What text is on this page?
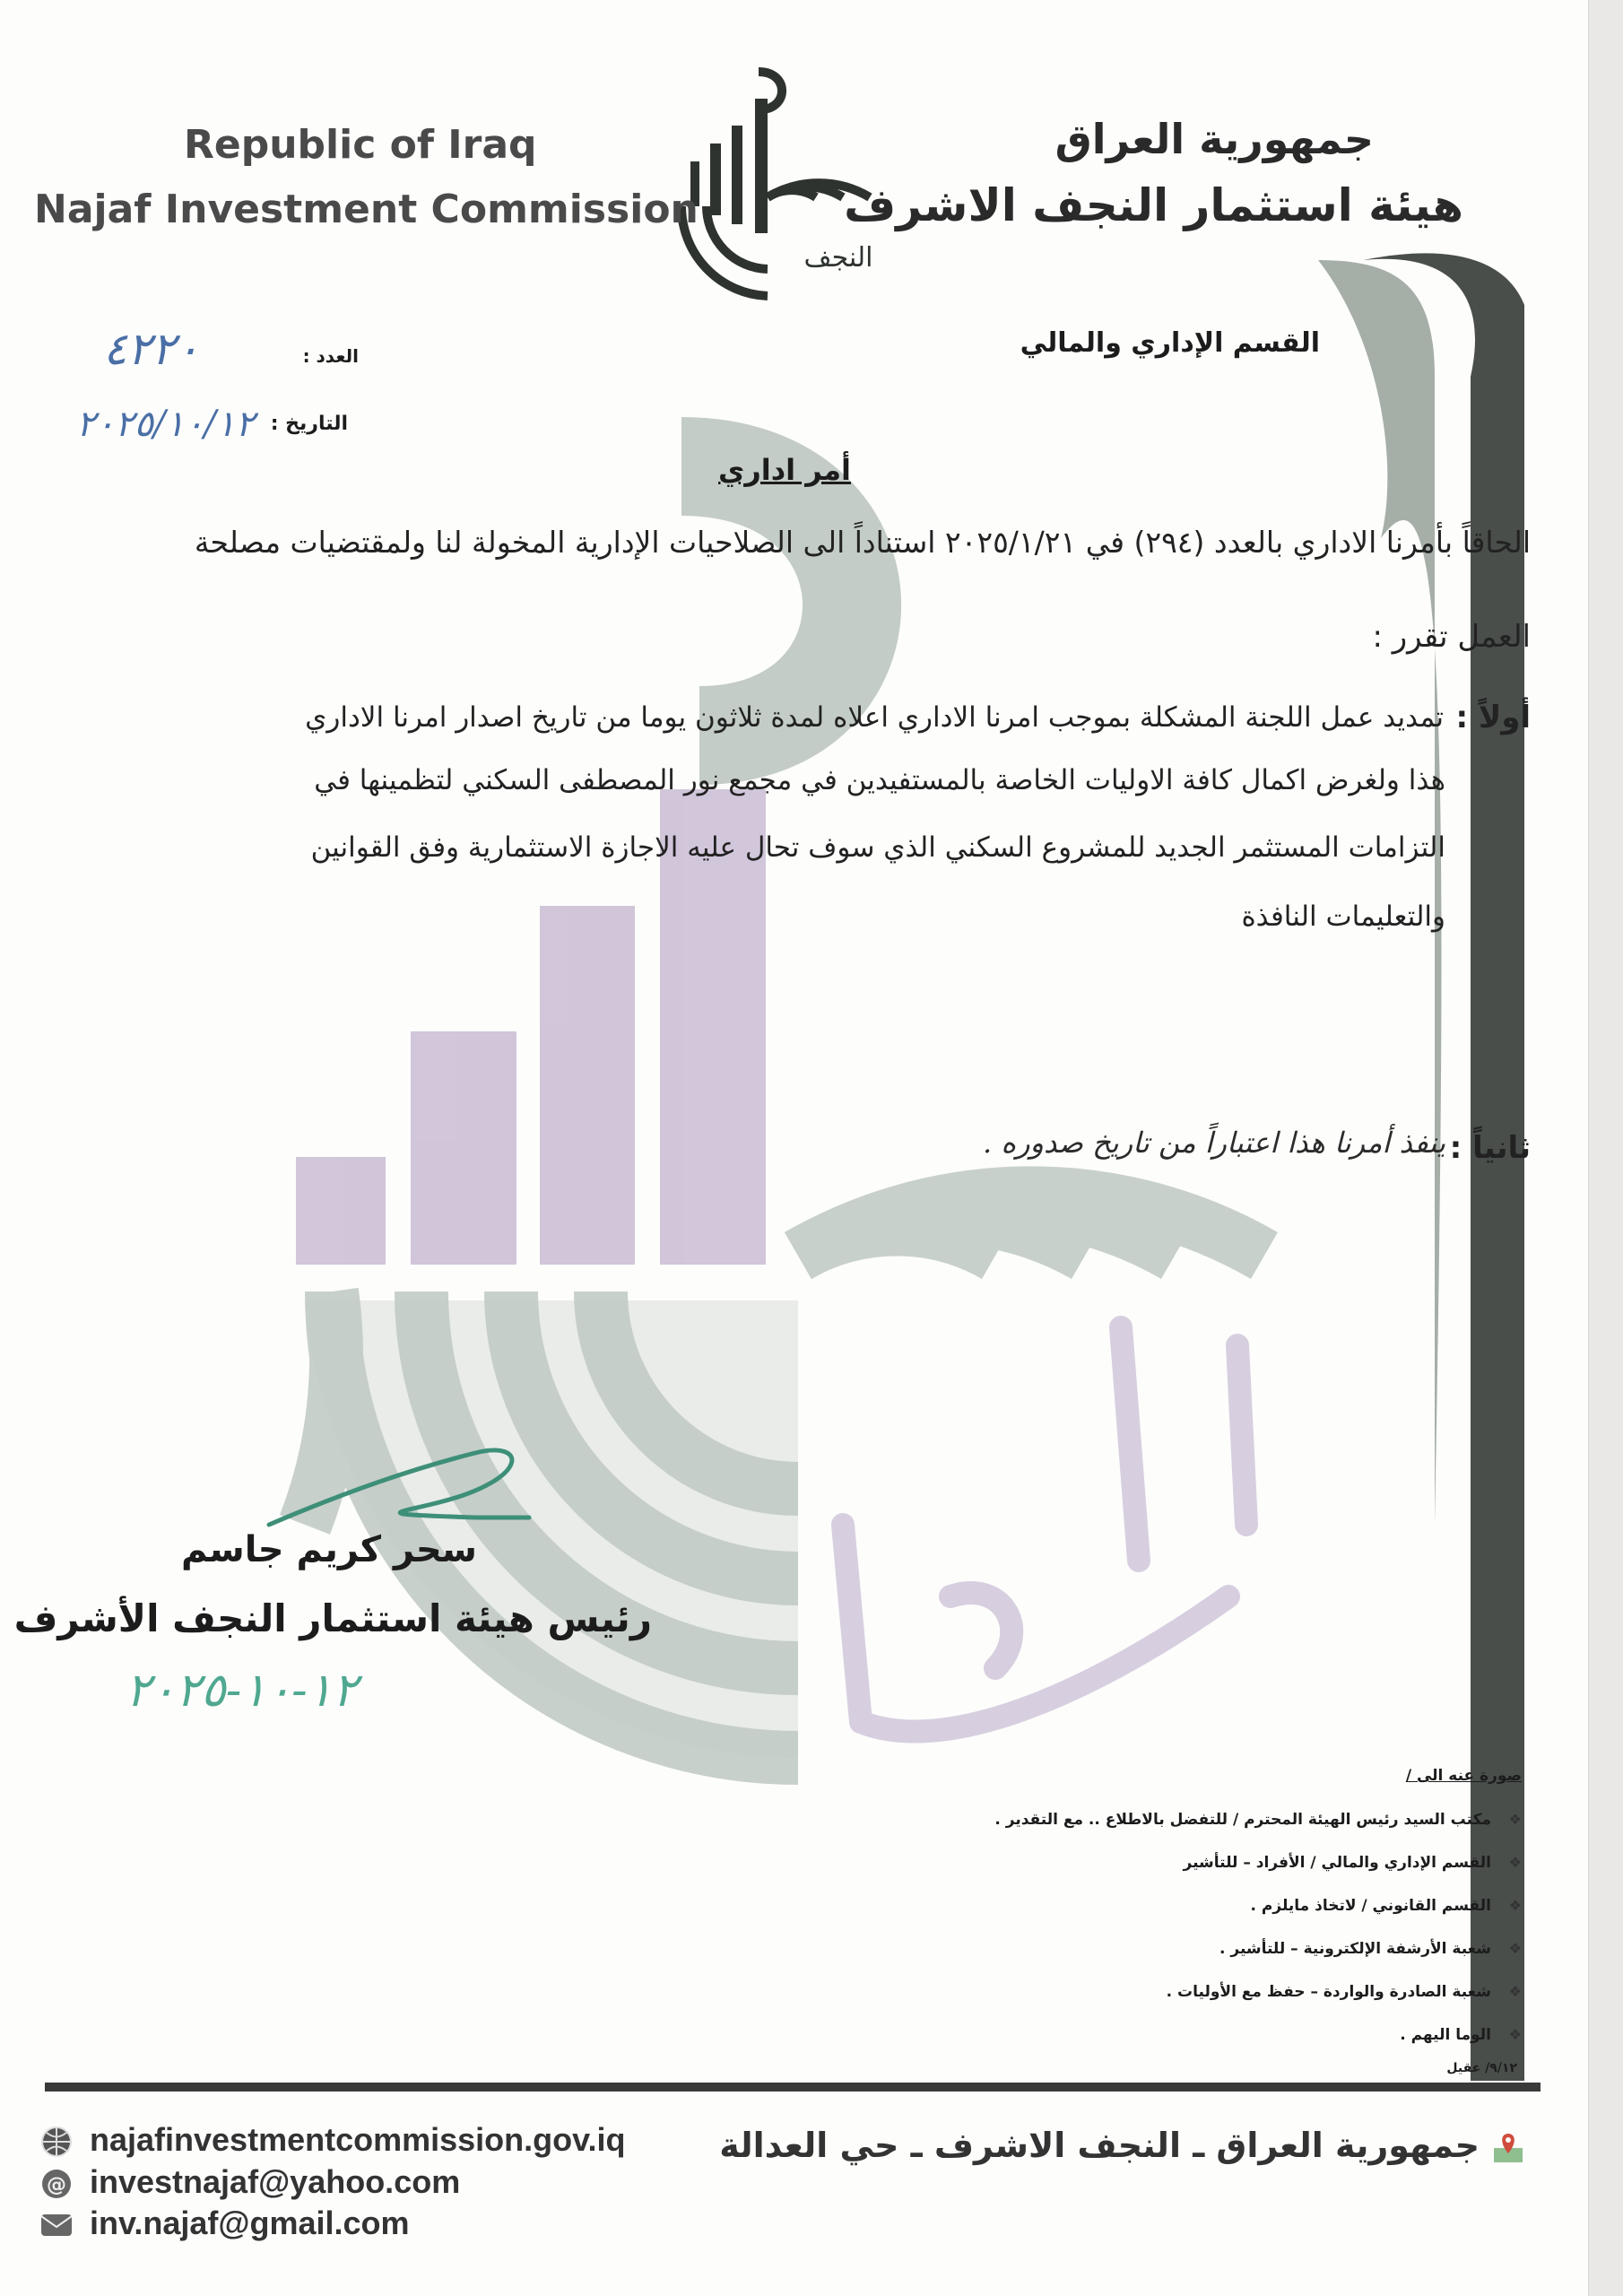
Republic of Iraq
Najaf Investment Commission
جمهورية العراق
هيئة استثمار النجف الاشرف
النجف
القسم الإداري والمالي
العدد :
٤٢٢٠
التاريخ :
٢٠٢٥/١٠/١٢
أمر اداري
الحاقاً بأمرنا الاداري بالعدد (٢٩٤) في ٢٠٢٥/١/٢١ استناداً الى الصلاحيات الإدارية المخولة لنا ولمقتضيات مصلحة
العمل تقرر :
أولاً :
تمديد عمل اللجنة المشكلة بموجب امرنا الاداري اعلاه لمدة ثلاثون يوما من تاريخ اصدار امرنا الاداري
هذا ولغرض اكمال كافة الاوليات الخاصة بالمستفيدين في مجمع نور المصطفى السكني لتظمينها في
التزامات المستثمر الجديد للمشروع السكني الذي سوف تحال عليه الاجازة الاستثمارية وفق القوانين
والتعليمات النافذة
ثانياً :
ينفذ أمرنا هذا اعتباراً من تاريخ صدوره .
سحر كريم جاسم
رئيس هيئة استثمار النجف الأشرف
١٢-١٠-٢٠٢٥
صورة عنه الى /
❖ مكتب السيد رئيس الهيئة المحترم / للتفضل بالاطلاع .. مع التقدير .
❖ القسم الإداري والمالي / الأفراد – للتأشير
❖ القسم القانوني / لاتخاذ مايلزم .
❖ شعبة الأرشفة الإلكترونية – للتأشير .
❖ شعبة الصادرة والواردة – حفظ مع الأوليات .
❖ الوما اليهم .
٩/١٢/ عقيل
najafinvestmentcommission.gov.iq
@ investnajaf@yahoo.com
inv.najaf@gmail.com
جمهورية العراق ـ النجف الاشرف ـ حي العدالة
